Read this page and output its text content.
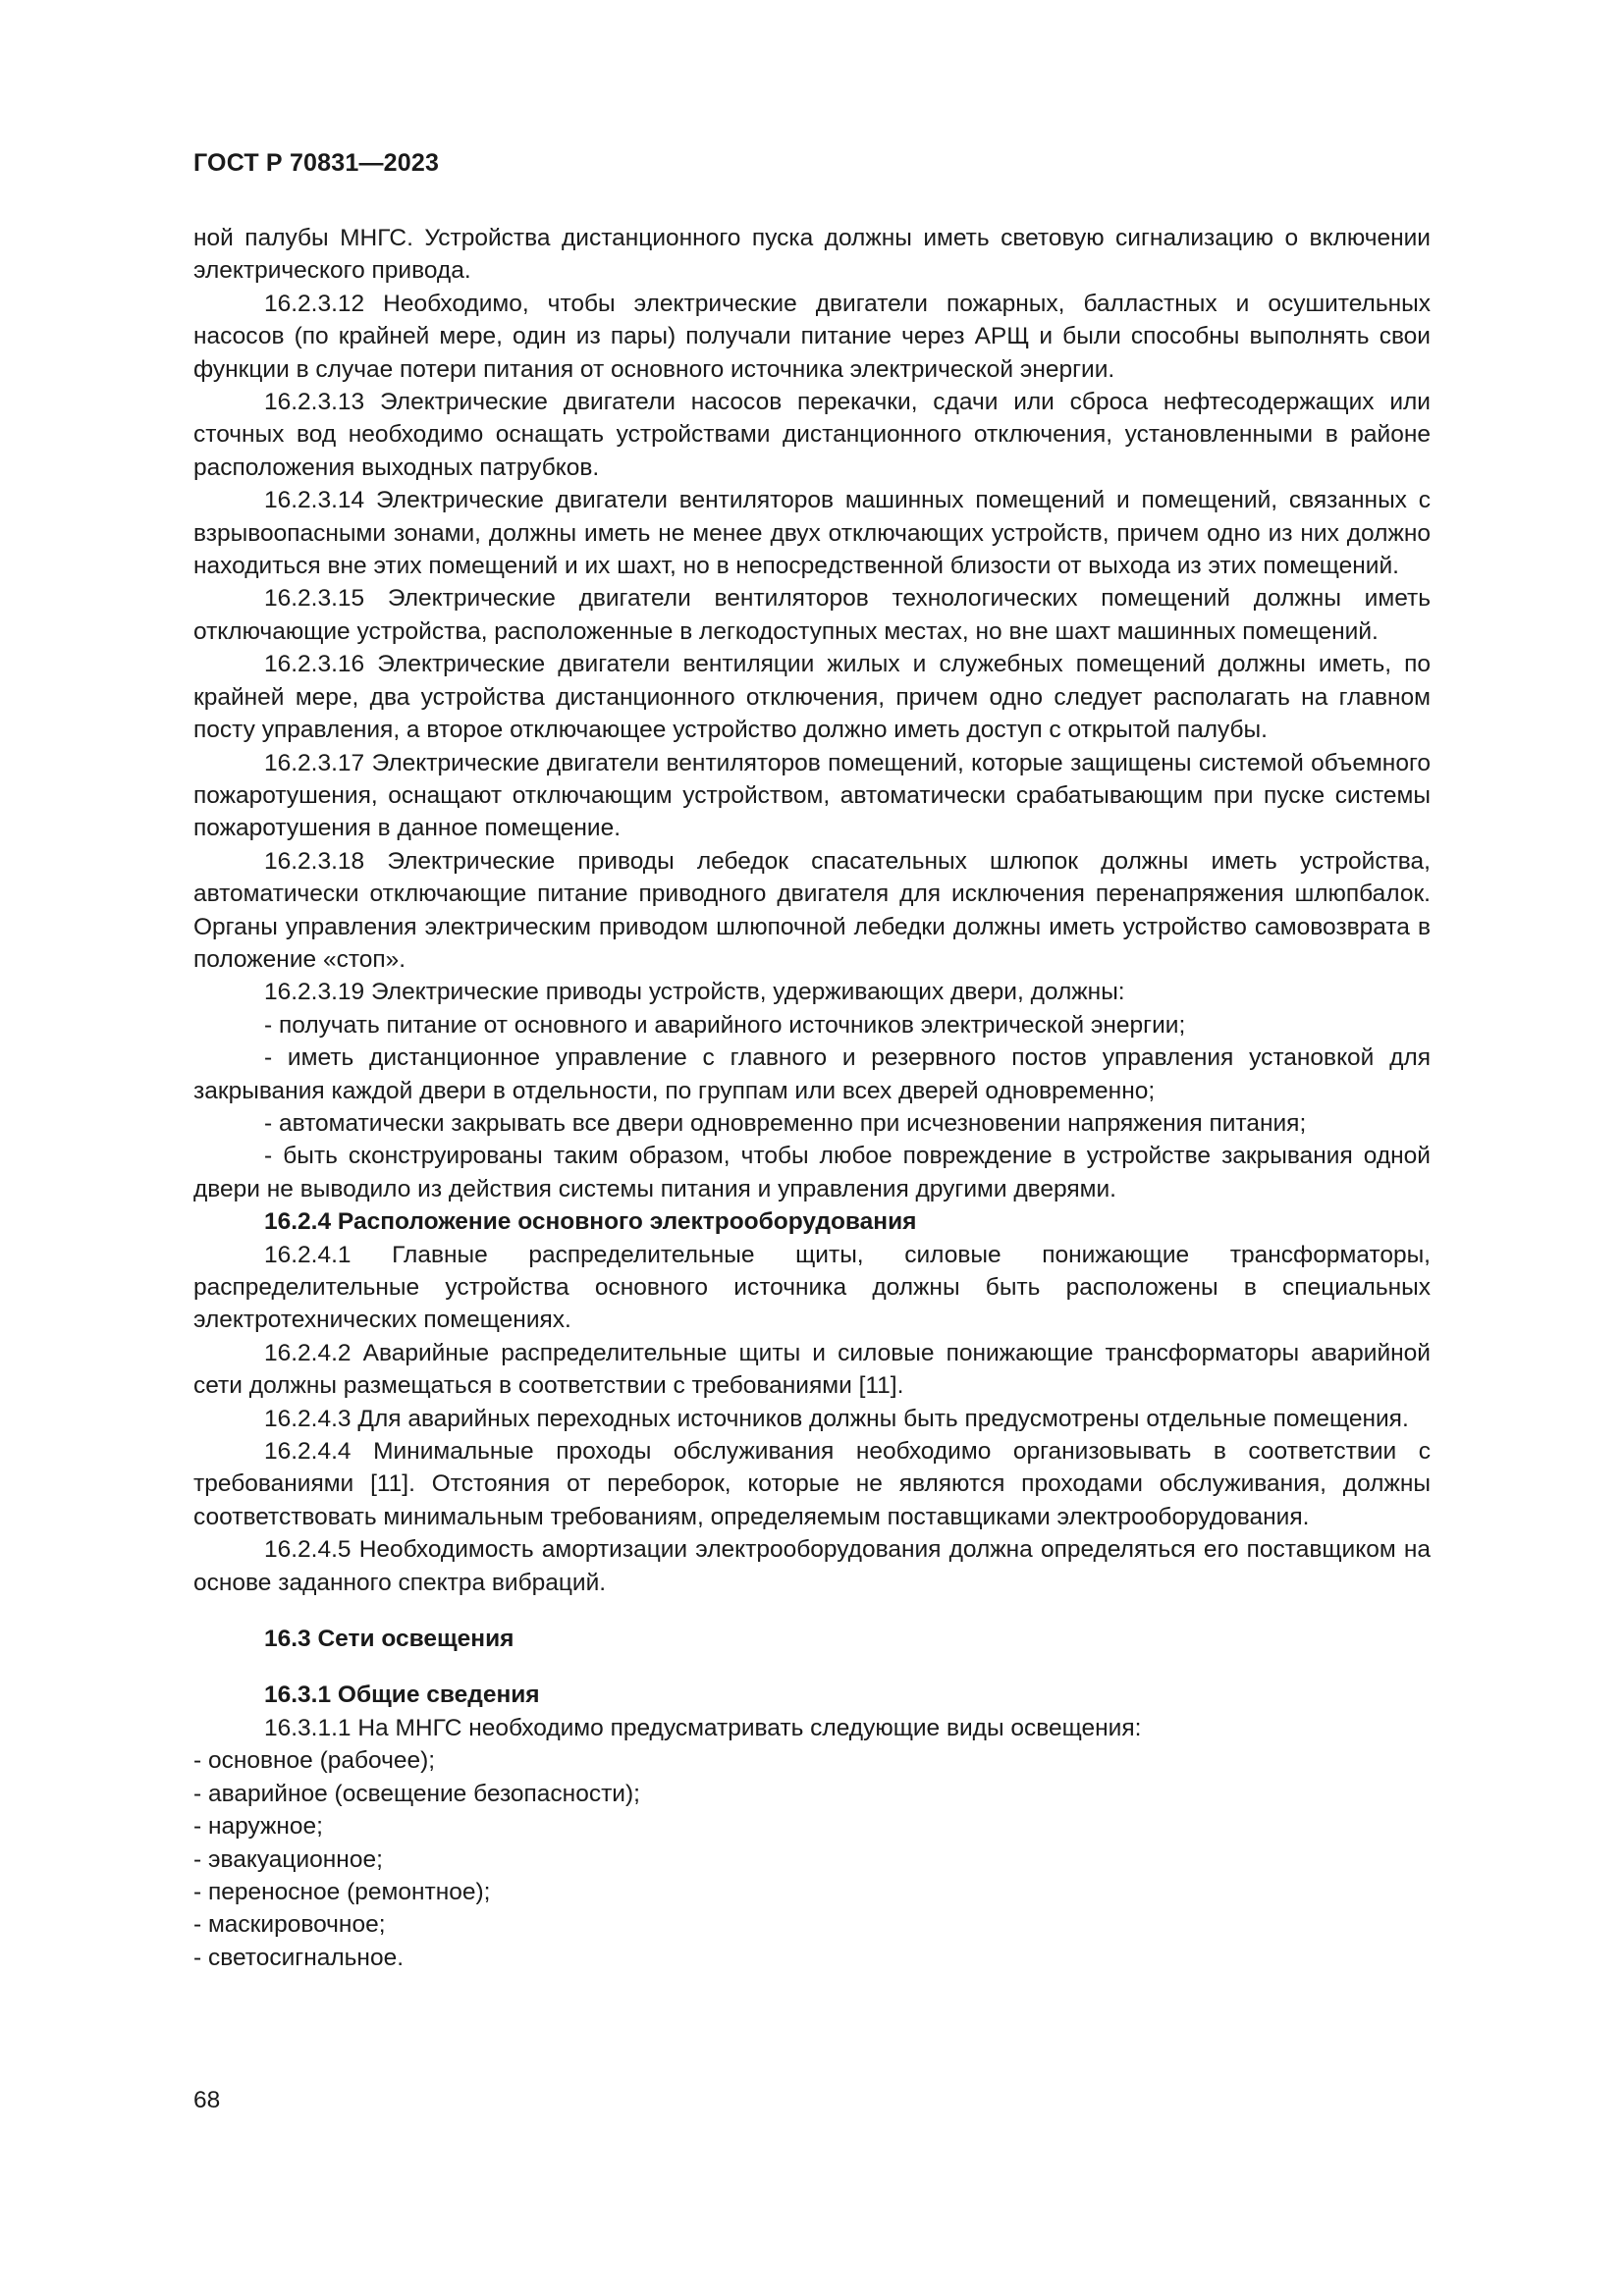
ГОСТ Р 70831—2023

ной палубы МНГС. Устройства дистанционного пуска должны иметь световую сигнализацию о включении электрического привода.

16.2.3.12 Необходимо, чтобы электрические двигатели пожарных, балластных и осушительных насосов (по крайней мере, один из пары) получали питание через АРЩ и были способны выполнять свои функции в случае потери питания от основного источника электрической энергии.

16.2.3.13 Электрические двигатели насосов перекачки, сдачи или сброса нефтесодержащих или сточных вод необходимо оснащать устройствами дистанционного отключения, установленными в районе расположения выходных патрубков.

16.2.3.14 Электрические двигатели вентиляторов машинных помещений и помещений, связанных с взрывоопасными зонами, должны иметь не менее двух отключающих устройств, причем одно из них должно находиться вне этих помещений и их шахт, но в непосредственной близости от выхода из этих помещений.

16.2.3.15 Электрические двигатели вентиляторов технологических помещений должны иметь отключающие устройства, расположенные в легкодоступных местах, но вне шахт машинных помещений.

16.2.3.16 Электрические двигатели вентиляции жилых и служебных помещений должны иметь, по крайней мере, два устройства дистанционного отключения, причем одно следует располагать на главном посту управления, а второе отключающее устройство должно иметь доступ с открытой палубы.

16.2.3.17 Электрические двигатели вентиляторов помещений, которые защищены системой объемного пожаротушения, оснащают отключающим устройством, автоматически срабатывающим при пуске системы пожаротушения в данное помещение.

16.2.3.18 Электрические приводы лебедок спасательных шлюпок должны иметь устройства, автоматически отключающие питание приводного двигателя для исключения перенапряжения шлюпбалок. Органы управления электрическим приводом шлюпочной лебедки должны иметь устройство самовозврата в положение «стоп».

16.2.3.19 Электрические приводы устройств, удерживающих двери, должны:

- получать питание от основного и аварийного источников электрической энергии;

- иметь дистанционное управление с главного и резервного постов управления установкой для закрывания каждой двери в отдельности, по группам или всех дверей одновременно;

- автоматически закрывать все двери одновременно при исчезновении напряжения питания;

- быть сконструированы таким образом, чтобы любое повреждение в устройстве закрывания одной двери не выводило из действия системы питания и управления другими дверями.

16.2.4 Расположение основного электрооборудования

16.2.4.1 Главные распределительные щиты, силовые понижающие трансформаторы, распределительные устройства основного источника должны быть расположены в специальных электротехнических помещениях.

16.2.4.2 Аварийные распределительные щиты и силовые понижающие трансформаторы аварийной сети должны размещаться в соответствии с требованиями [11].

16.2.4.3 Для аварийных переходных источников должны быть предусмотрены отдельные помещения.

16.2.4.4 Минимальные проходы обслуживания необходимо организовывать в соответствии с требованиями [11]. Отстояния от переборок, которые не являются проходами обслуживания, должны соответствовать минимальным требованиям, определяемым поставщиками электрооборудования.

16.2.4.5 Необходимость амортизации электрооборудования должна определяться его поставщиком на основе заданного спектра вибраций.

16.3 Сети освещения

16.3.1 Общие сведения

16.3.1.1 На МНГС необходимо предусматривать следующие виды освещения:

- основное (рабочее);
- аварийное (освещение безопасности);
- наружное;
- эвакуационное;
- переносное (ремонтное);
- маскировочное;
- светосигнальное.
68
